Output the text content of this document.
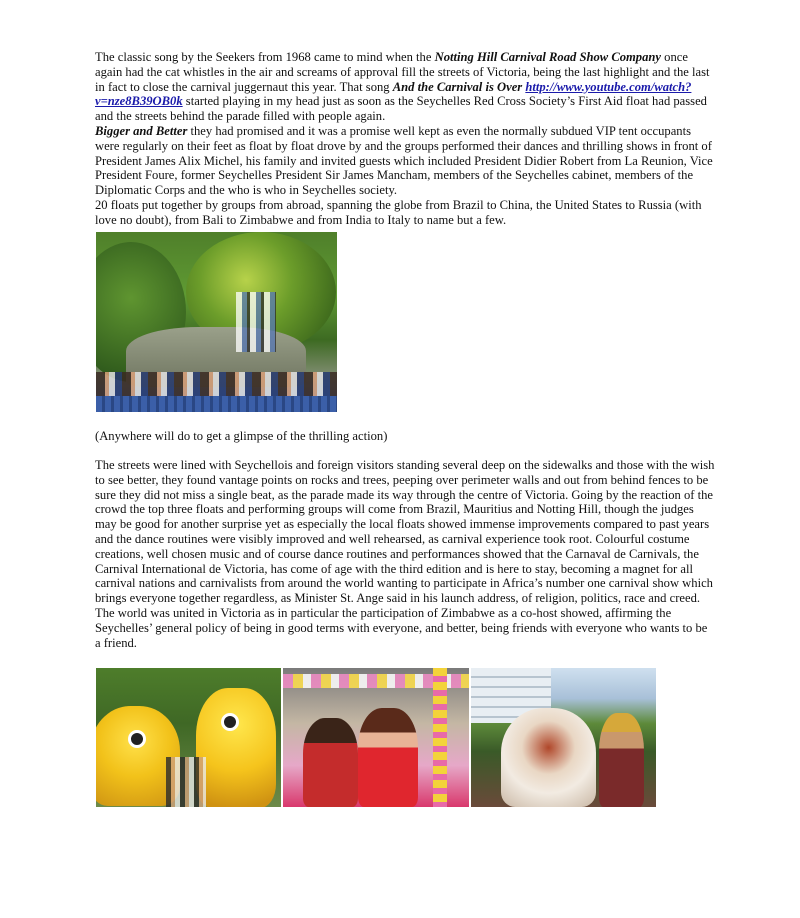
The classic song by the Seekers from 1968 came to mind when the Notting Hill Carnival Road Show Company once again had the cat whistles in the air and screams of approval fill the streets of Victoria, being the last highlight and the last in fact to close the carnival juggernaut this year. That song And the Carnival is Over http://www.youtube.com/watch?v=nze8B39OB0k started playing in my head just as soon as the Seychelles Red Cross Society’s First Aid float had passed and the streets behind the parade filled with people again.
Bigger and Better they had promised and it was a promise well kept as even the normally subdued VIP tent occupants were regularly on their feet as float by float drove by and the groups performed their dances and thrilling shows in front of President James Alix Michel, his family and invited guests which included President Didier Robert from La Reunion, Vice President Foure, former Seychelles President Sir James Mancham, members of the Seychelles cabinet, members of the Diplomatic Corps and the who is who in Seychelles society.
20 floats put together by groups from abroad, spanning the globe from Brazil to China, the United States to Russia (with love no doubt), from Bali to Zimbabwe and from India to Italy to name but a few.

(Anywhere will do to get a glimpse of the thrilling action)

The streets were lined with Seychellois and foreign visitors standing several deep on the sidewalks and those with the wish to see better, they found vantage points on rocks and trees, peeping over perimeter walls and out from behind fences to be sure they did not miss a single beat, as the parade made its way through the centre of Victoria. Going by the reaction of the crowd the top three floats and performing groups will come from Brazil, Mauritius and Notting Hill, though the judges may be good for another surprise yet as especially the local floats showed immense improvements compared to past years and the dance routines were visibly improved and well rehearsed, as carnival experience took root. Colourful costume creations, well chosen music and of course dance routines and performances showed that the Carnaval de Carnivals, the Carnival International de Victoria, has come of age with the third edition and is here to stay, becoming a magnet for all carnival nations and carnivalists from around the world wanting to participate in Africa’s number one carnival show which brings everyone together regardless, as Minister St. Ange said in his launch address, of religion, politics, race and creed. The world was united in Victoria as in particular the participation of Zimbabwe as a co-host showed, affirming the Seychelles’ general policy of being in good terms with everyone, and better, being friends with everyone who wants to be a friend.
